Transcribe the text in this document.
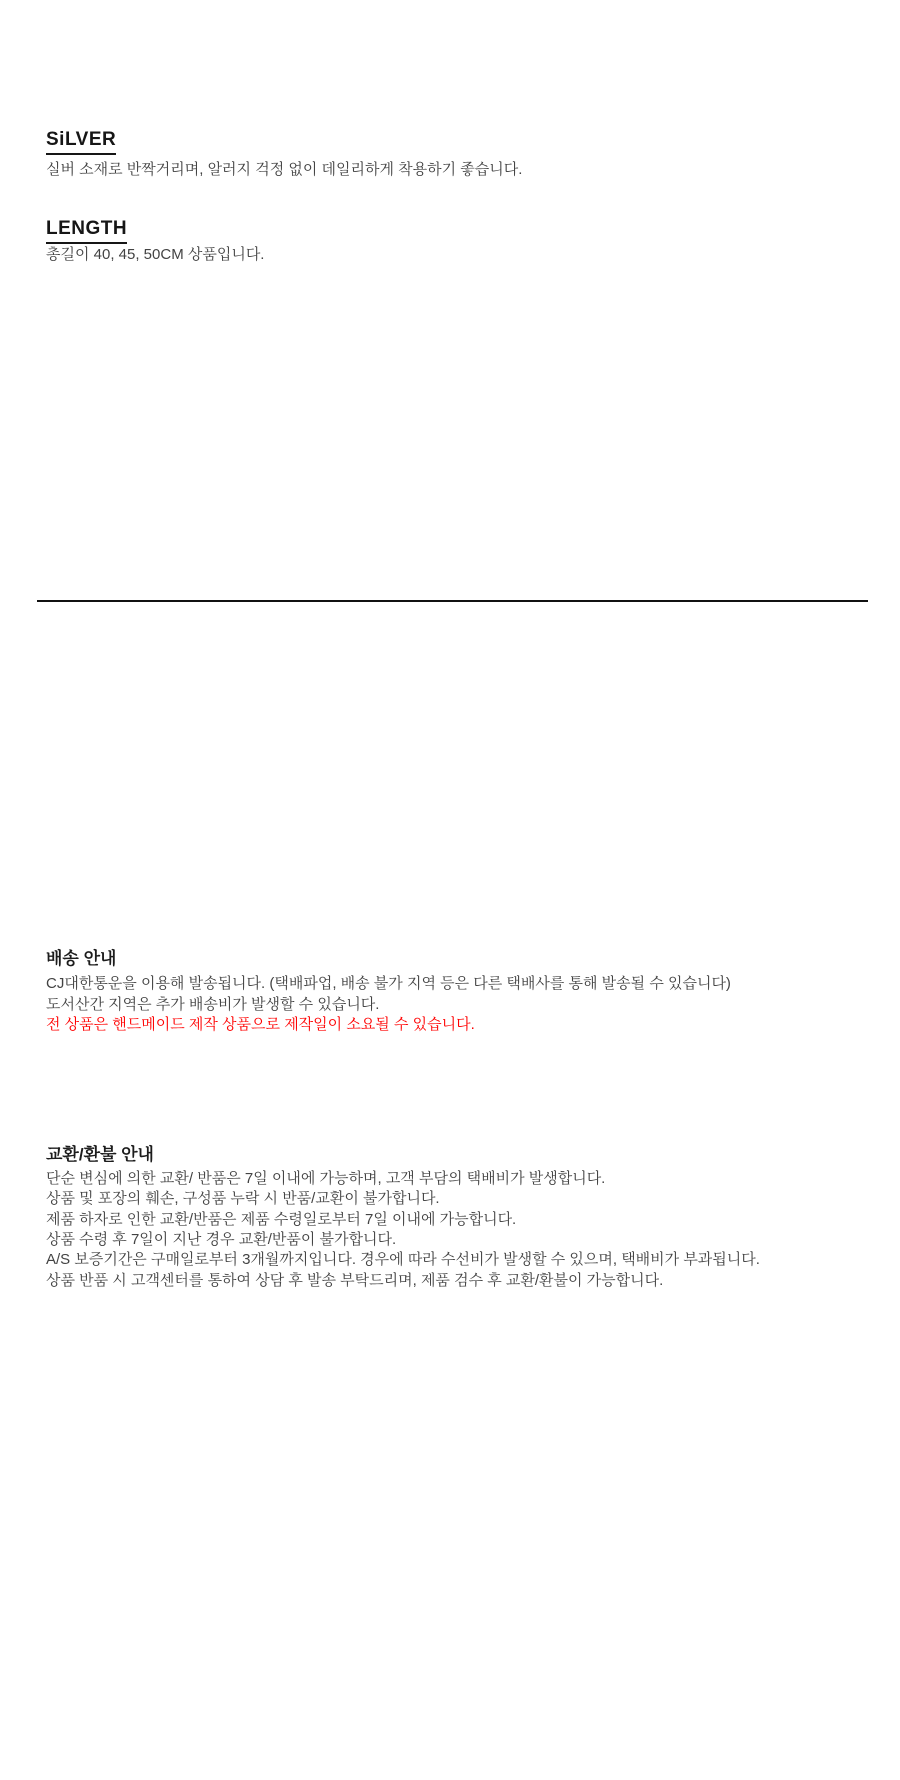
SiLVER
실버 소재로 반짝거리며, 알러지 걱정 없이 데일리하게 착용하기 좋습니다.
LENGTH
총길이 40, 45, 50CM 상품입니다.
배송 안내
CJ대한통운을 이용해 발송됩니다. (택배파업, 배송 불가 지역 등은 다른 택배사를 통해 발송될 수 있습니다)
도서산간 지역은 추가 배송비가 발생할 수 있습니다.
전 상품은 핸드메이드 제작 상품으로 제작일이 소요될 수 있습니다.
교환/환불 안내
단순 변심에 의한 교환/ 반품은 7일 이내에 가능하며, 고객 부담의 택배비가 발생합니다.
상품 및 포장의 훼손, 구성품 누락 시 반품/교환이 불가합니다.
제품 하자로 인한 교환/반품은 제품 수령일로부터 7일 이내에 가능합니다.
상품 수령 후 7일이 지난 경우 교환/반품이 불가합니다.
A/S 보증기간은 구매일로부터 3개월까지입니다. 경우에 따라 수선비가 발생할 수 있으며, 택배비가 부과됩니다.
상품 반품 시 고객센터를 통하여 상담 후 발송 부탁드리며, 제품 검수 후 교환/환불이 가능합니다.
